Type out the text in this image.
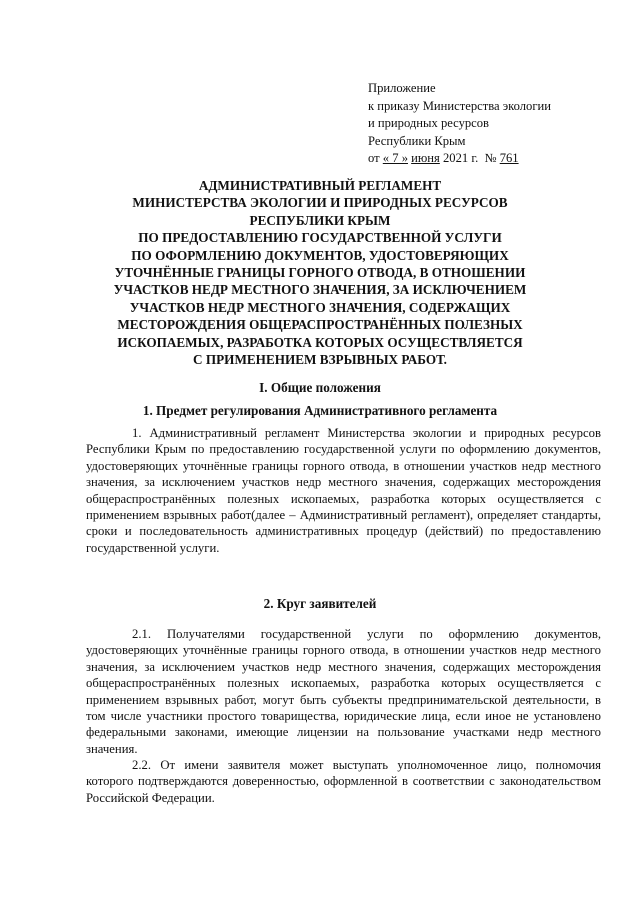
Приложение
к приказу Министерства экологии
и природных ресурсов
Республики Крым
от « 7 » июня 2021 г. № 761
АДМИНИСТРАТИВНЫЙ РЕГЛАМЕНТ
МИНИСТЕРСТВА ЭКОЛОГИИ И ПРИРОДНЫХ РЕСУРСОВ
РЕСПУБЛИКИ КРЫМ
ПО ПРЕДОСТАВЛЕНИЮ ГОСУДАРСТВЕННОЙ УСЛУГИ
ПО ОФОРМЛЕНИЮ ДОКУМЕНТОВ, УДОСТОВЕРЯЮЩИХ
УТОЧНЁННЫЕ ГРАНИЦЫ ГОРНОГО ОТВОДА, В ОТНОШЕНИИ
УЧАСТКОВ НЕДР МЕСТНОГО ЗНАЧЕНИЯ, ЗА ИСКЛЮЧЕНИЕМ
УЧАСТКОВ НЕДР МЕСТНОГО ЗНАЧЕНИЯ, СОДЕРЖАЩИХ
МЕСТОРОЖДЕНИЯ ОБЩЕРАСПРОСТРАНЁННЫХ ПОЛЕЗНЫХ
ИСКОПАЕМЫХ, РАЗРАБОТКА КОТОРЫХ ОСУЩЕСТВЛЯЕТСЯ
С ПРИМЕНЕНИЕМ ВЗРЫВНЫХ РАБОТ.
I. Общие положения
1. Предмет регулирования Административного регламента
1. Административный регламент Министерства экологии и природных ресурсов Республики Крым по предоставлению государственной услуги по оформлению документов, удостоверяющих уточнённые границы горного отвода, в отношении участков недр местного значения, за исключением участков недр местного значения, содержащих месторождения общераспространённых полезных ископаемых, разработка которых осуществляется с применением взрывных работ(далее – Административный регламент), определяет стандарты, сроки и последовательность административных процедур (действий) по предоставлению государственной услуги.
2. Круг заявителей
2.1. Получателями государственной услуги по оформлению документов, удостоверяющих уточнённые границы горного отвода, в отношении участков недр местного значения, за исключением участков недр местного значения, содержащих месторождения общераспространённых полезных ископаемых, разработка которых осуществляется с применением взрывных работ, могут быть субъекты предпринимательской деятельности, в том числе участники простого товарищества, юридические лица, если иное не установлено федеральными законами, имеющие лицензии на пользование участками недр местного значения.
2.2. От имени заявителя может выступать уполномоченное лицо, полномочия которого подтверждаются доверенностью, оформленной в соответствии с законодательством Российской Федерации.
